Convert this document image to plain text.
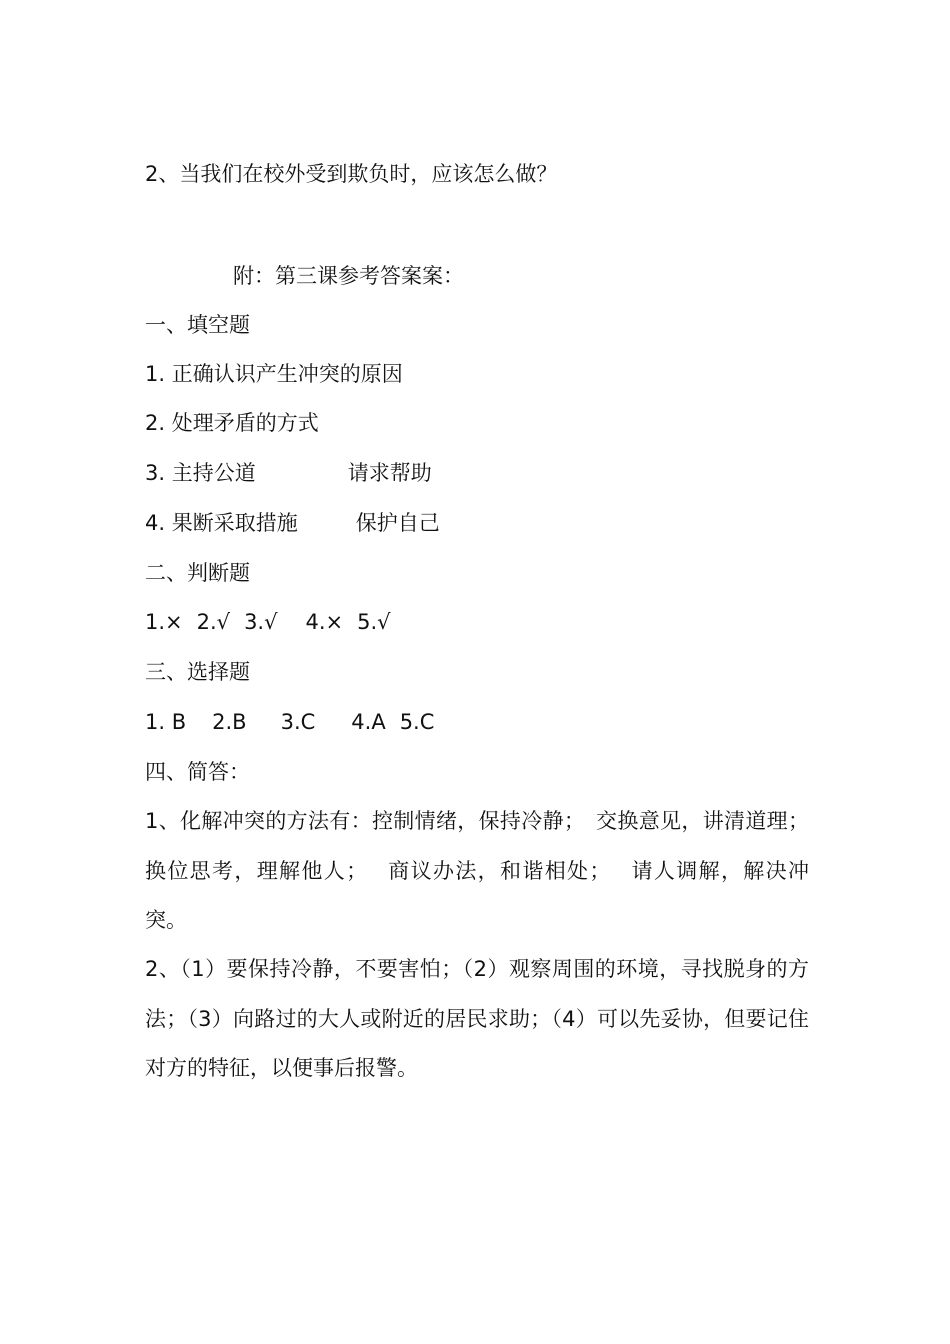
2、当我们在校外受到欺负时，应该怎么做？

附：第三课参考答案案：

一、填空题

1. 正确认识产生冲突的原因

2. 处理矛盾的方式

3. 主持公道	请求帮助

4. 果断采取措施	保护自己

二、判断题

1.× 2.√ 3.√ 4.× 5.√

三、选择题

1. B 2.B 3.C 4.A 5.C

四、简答：

1、化解冲突的方法有：控制情绪，保持冷静；　交换意见，讲清道理；换位思考，理解他人；　 商议办法，和谐相处；　 请人调解，解决冲突。

2、（1）要保持冷静，不要害怕；（2）观察周围的环境，寻找脱身的方法；（3）向路过的大人或附近的居民求助；（4）可以先妥协，但要记住对方的特征，以便事后报警。
